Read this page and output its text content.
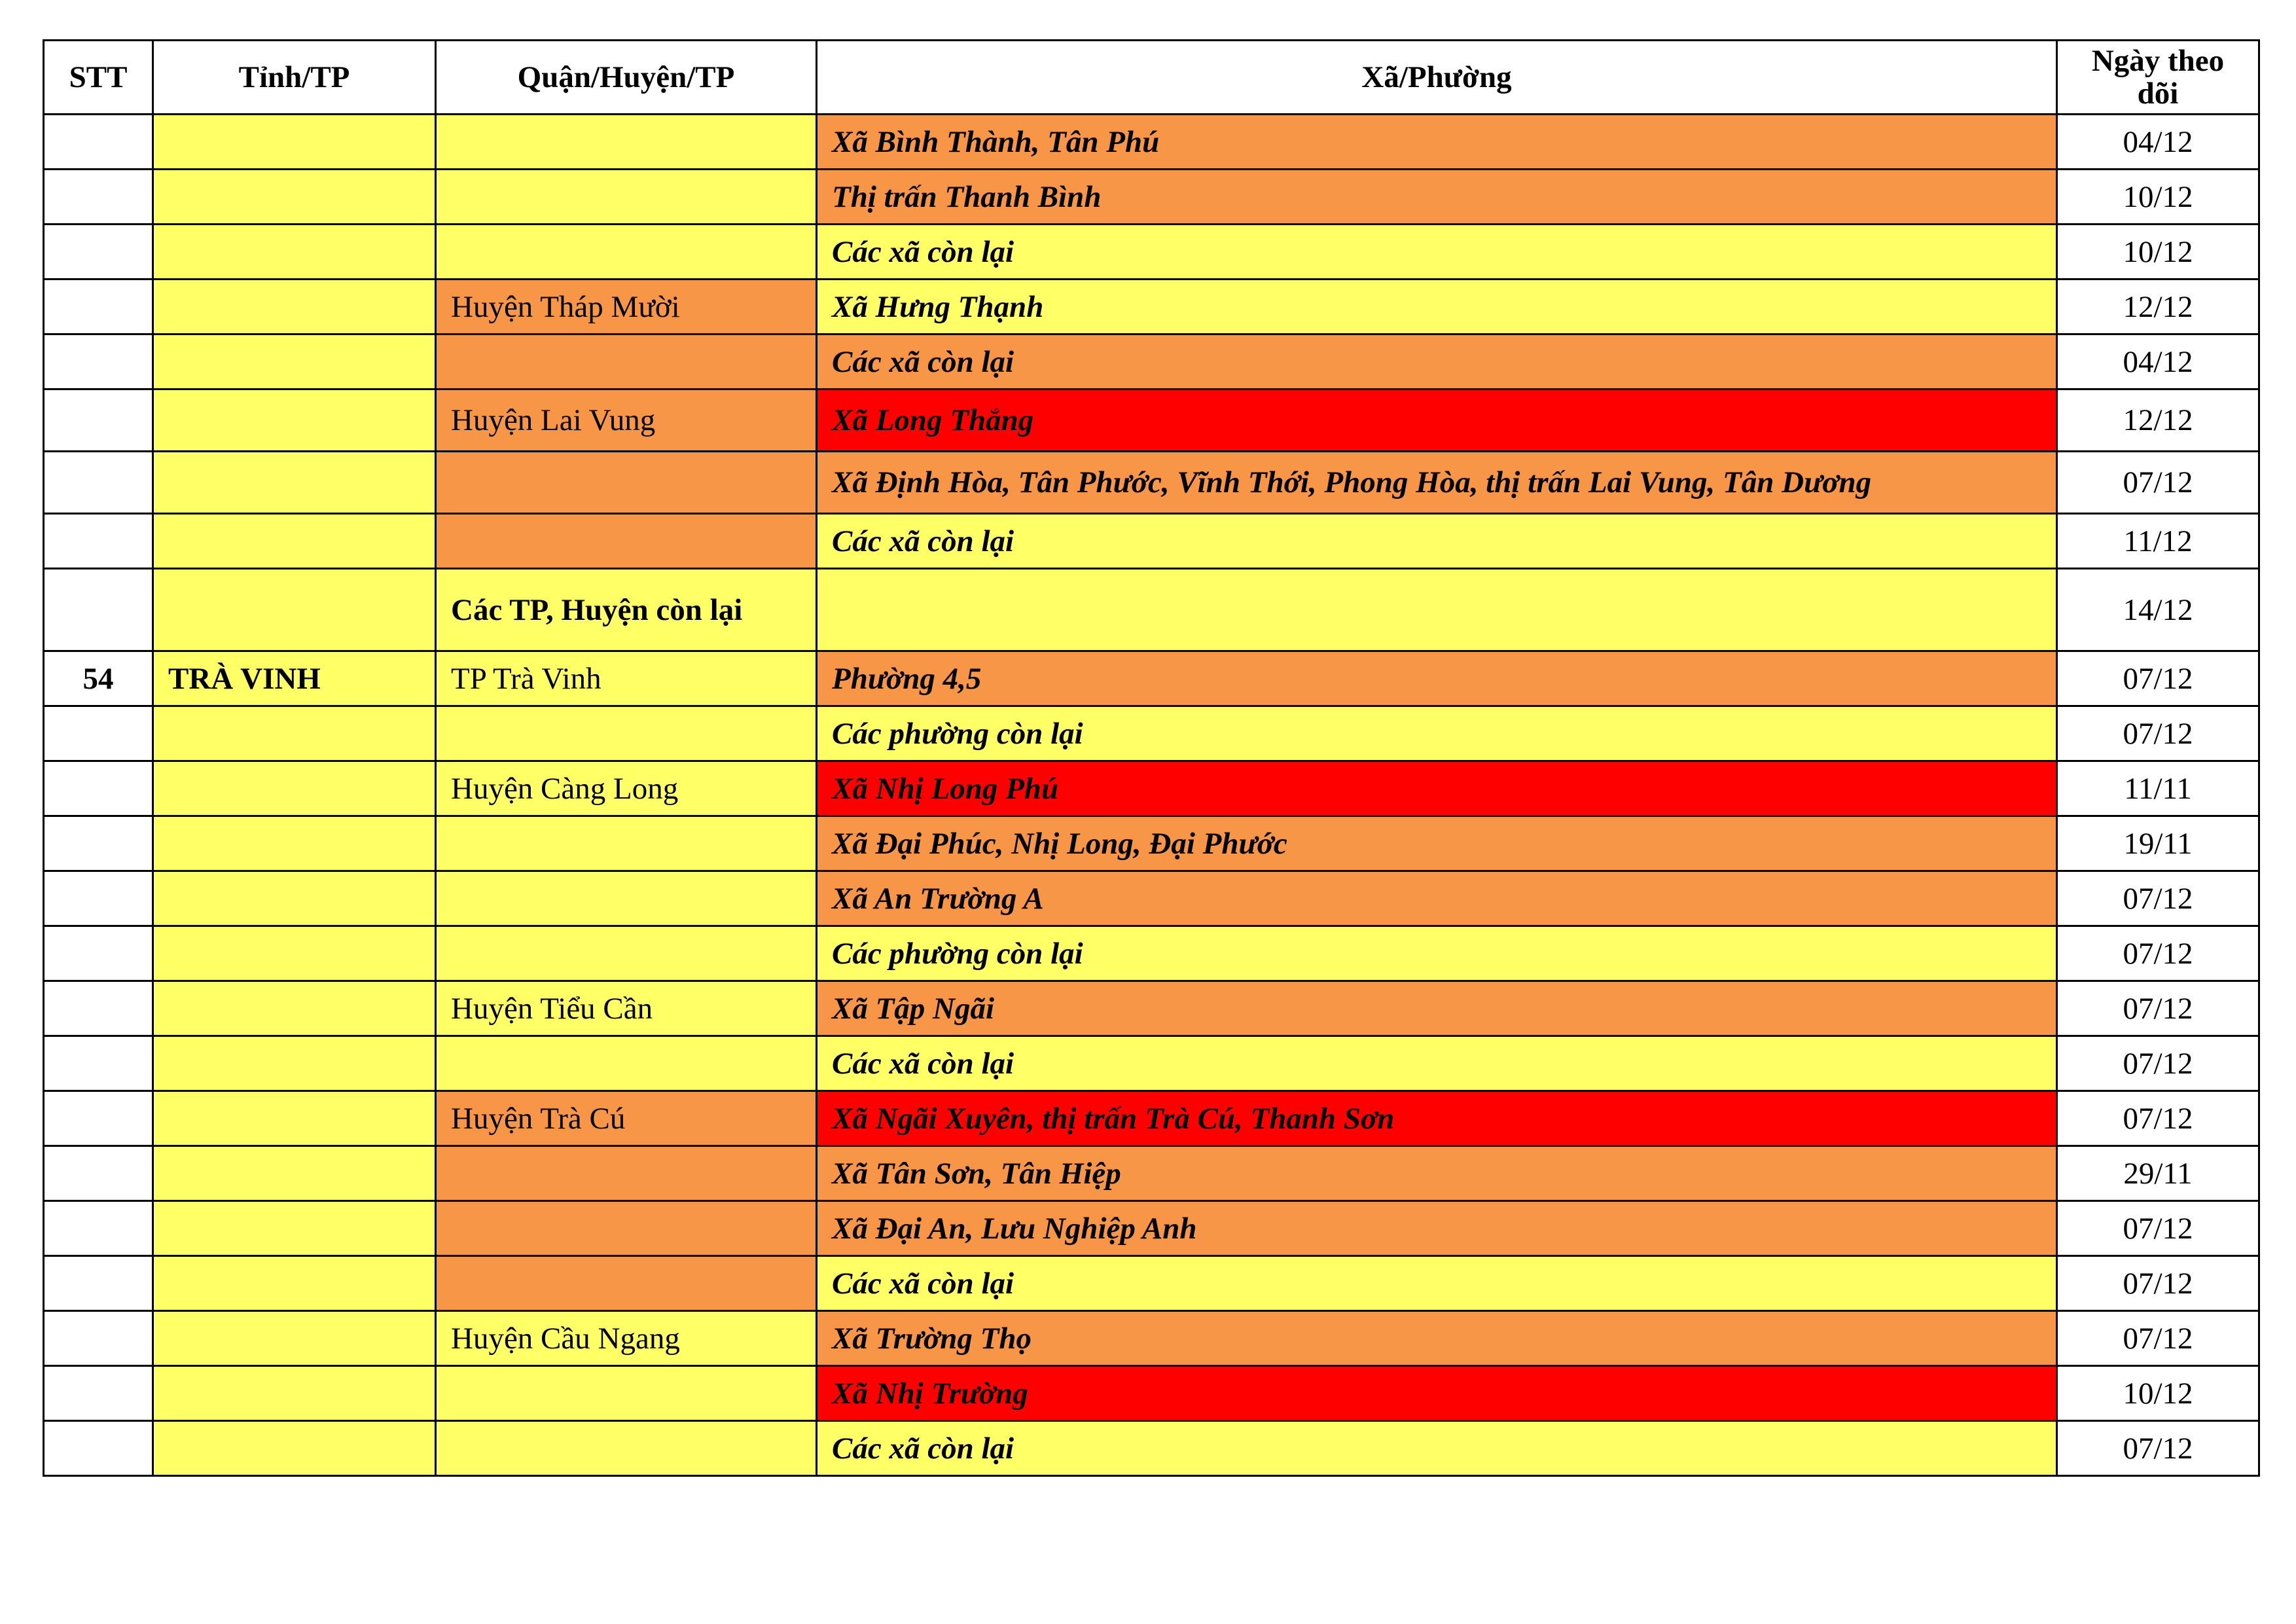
STT	Tỉnh/TP	Quận/Huyện/TP	Xã/Phường	Ngày theo dõi
			Xã Bình Thành, Tân Phú	04/12
			Thị trấn Thanh Bình	10/12
			Các xã còn lại	10/12
		Huyện Tháp Mười	Xã Hưng Thạnh	12/12
			Các xã còn lại	04/12
		Huyện Lai Vung	Xã Long Thắng	12/12
			Xã Định Hòa, Tân Phước, Vĩnh Thới, Phong Hòa, thị trấn Lai Vung, Tân Dương	07/12
			Các xã còn lại	11/12
		Các TP, Huyện còn lại		14/12
54	TRÀ VINH	TP Trà Vinh	Phường 4,5	07/12
			Các phường còn lại	07/12
		Huyện Càng Long	Xã Nhị Long Phú	11/11
			Xã Đại Phúc, Nhị Long, Đại Phước	19/11
			Xã An Trường A	07/12
			Các phường còn lại	07/12
		Huyện Tiểu Cần	Xã Tập Ngãi	07/12
			Các xã còn lại	07/12
		Huyện Trà Cú	Xã Ngãi Xuyên, thị trấn Trà Cú, Thanh Sơn	07/12
			Xã Tân Sơn, Tân Hiệp	29/11
			Xã Đại An, Lưu Nghiệp Anh	07/12
			Các xã còn lại	07/12
		Huyện Cầu Ngang	Xã Trường Thọ	07/12
			Xã Nhị Trường	10/12
			Các xã còn lại	07/12
